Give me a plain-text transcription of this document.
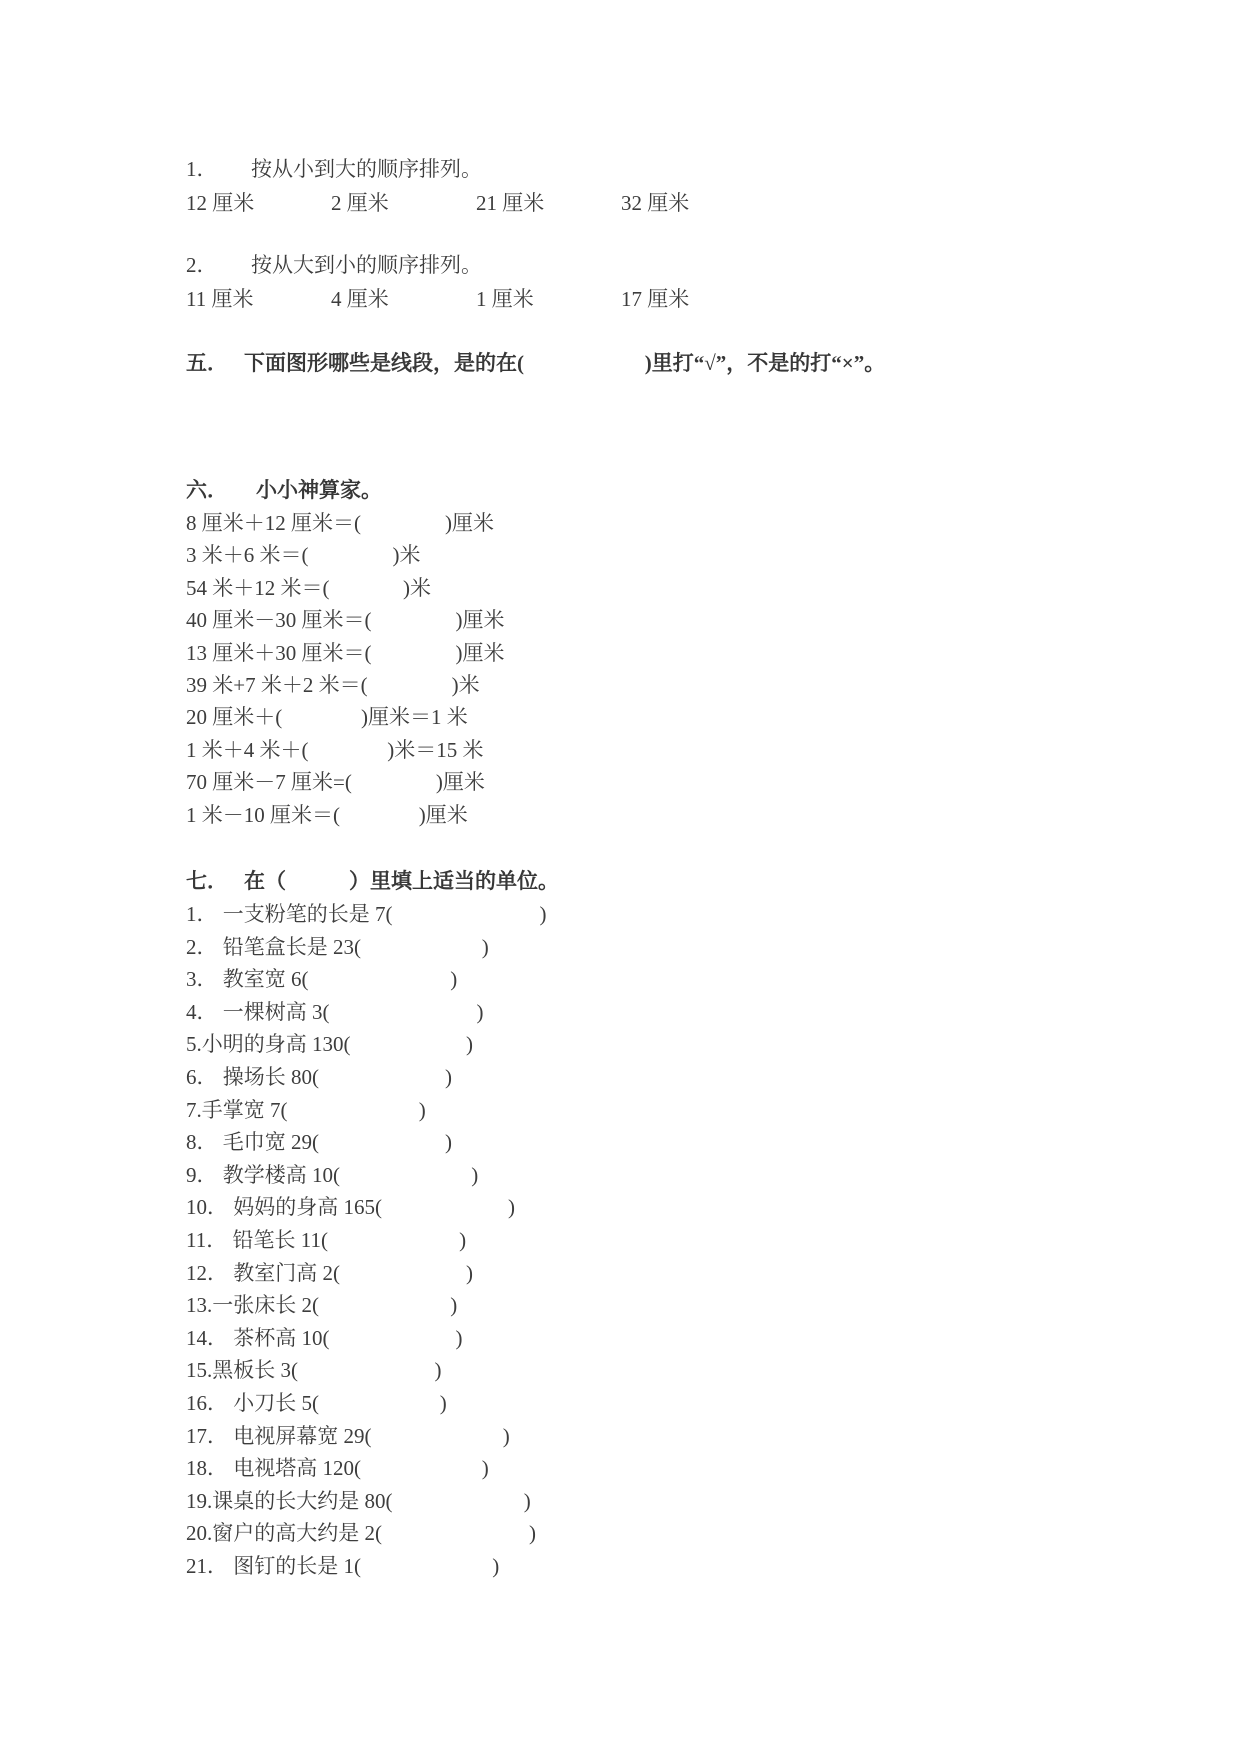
1． 按从小到大的顺序排列。
12 厘米	2 厘米	21 厘米	32 厘米
2． 按从大到小的顺序排列。
11 厘米	4 厘米	1 厘米	17 厘米
五． 下面图形哪些是线段，是的在(                       )里打“√”，不是的打“×”。
六． 小小神算家。
8 厘米＋12 厘米＝(                )厘米
3 米＋6 米＝(                )米
54 米＋12 米＝(              )米
40 厘米－30 厘米＝(                )厘米
13 厘米＋30 厘米＝(                )厘米
39 米+7 米＋2 米＝(                )米
20 厘米＋(               )厘米＝1 米
1 米＋4 米＋(               )米＝15 米
70 厘米－7 厘米=(                )厘米
1 米－10 厘米＝(               )厘米
七． 在（            ）里填上适当的单位。
1． 一支粉笔的长是 7(                            )
2． 铅笔盒长是 23(                       )
3． 教室宽 6(                           )
4． 一棵树高 3(                            )
5.小明的身高 130(                      )
6． 操场长 80(                        )
7.手掌宽 7(                         )
8． 毛巾宽 29(                        )
9． 教学楼高 10(                         )
10． 妈妈的身高 165(                        )
11． 铅笔长 11(                         )
12． 教室门高 2(                        )
13.一张床长 2(                         )
14． 茶杯高 10(                        )
15.黑板长 3(                          )
16． 小刀长 5(                       )
17． 电视屏幕宽 29(                         )
18． 电视塔高 120(                       )
19.课桌的长大约是 80(                         )
20.窗户的高大约是 2(                            )
21． 图钉的长是 1(                         )
